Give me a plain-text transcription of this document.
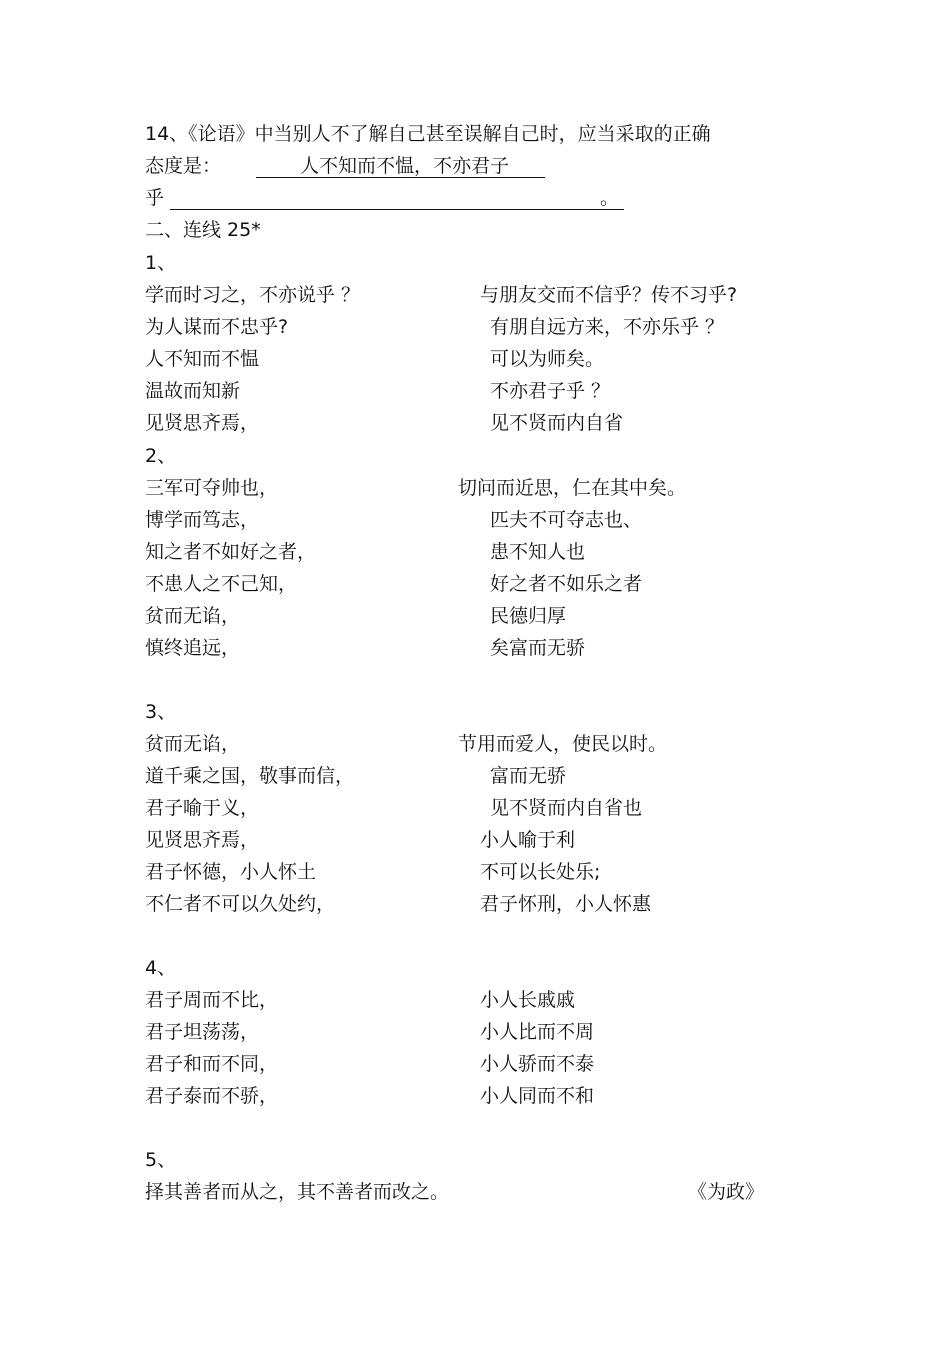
14、《论语》中当别人不了解自己甚至误解自己时，应当采取的正确
态度是：	人不知而不愠，不亦君子
乎	。
二、连线 25*
1、
学而时习之，不亦说乎 ？	与朋友交而不信乎？传不习乎?
为人谋而不忠乎?	有朋自远方来，不亦乐乎 ？
人不知而不愠	可以为师矣。
温故而知新	不亦君子乎 ？
见贤思齐焉，	见不贤而内自省
2、
三军可夺帅也，	切问而近思，仁在其中矣。
博学而笃志，	匹夫不可夺志也、
知之者不如好之者，	患不知人也
不患人之不己知，	好之者不如乐之者
贫而无谄，	民德归厚
慎终追远，	矣富而无骄
3、
贫而无谄，	节用而爱人，使民以时。
道千乘之国，敬事而信，	富而无骄
君子喻于义，	见不贤而内自省也
见贤思齐焉，	小人喻于利
君子怀德，小人怀土	不可以长处乐;
不仁者不可以久处约，	君子怀刑，小人怀惠
4、
君子周而不比，	小人长戚戚
君子坦荡荡，	小人比而不周
君子和而不同，	小人骄而不泰
君子泰而不骄，	小人同而不和
5、
择其善者而从之，其不善者而改之。	《为政》
